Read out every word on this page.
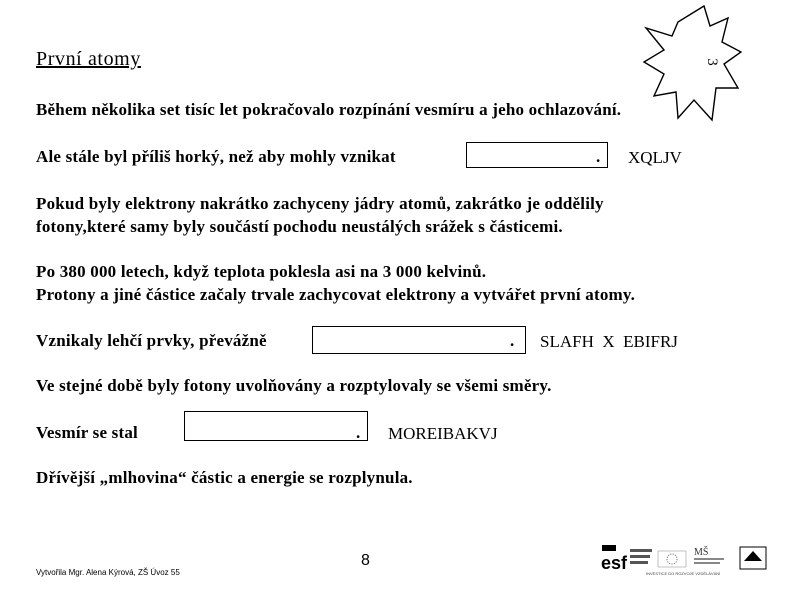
První atomy	3
Během několika set tisíc let pokračovalo rozpínání vesmíru a jeho ochlazování.
Ale stále byl příliš horký, než aby mohly vznikat	. XQLJV
Pokud byly elektrony nakrátko zachyceny jádry atomů, zakrátko je oddělily
fotony,které samy byly součástí pochodu neustálých srážek s částicemi.
Po 380 000 letech, když teplota poklesla asi na 3 000 kelvinů.
Protony a jiné částice začaly trvale zachycovat elektrony a vytvářet první atomy.
Vznikaly lehčí prvky, převážně	. SLAFH  X  EBIFRJ
Ve stejné době byly fotony uvolňovány a rozptylovaly se všemi směry.
Vesmír se stal	. MOREIBAKVJ
Dřívější „mlhovina“ částic a energie se rozplynula.
Vytvořila Mgr. Alena Kýrová, ZŠ Úvoz 55
8	esf
MŠ
INVESTICE DO ROZVOJE VZDĚLÁVÁNÍ
